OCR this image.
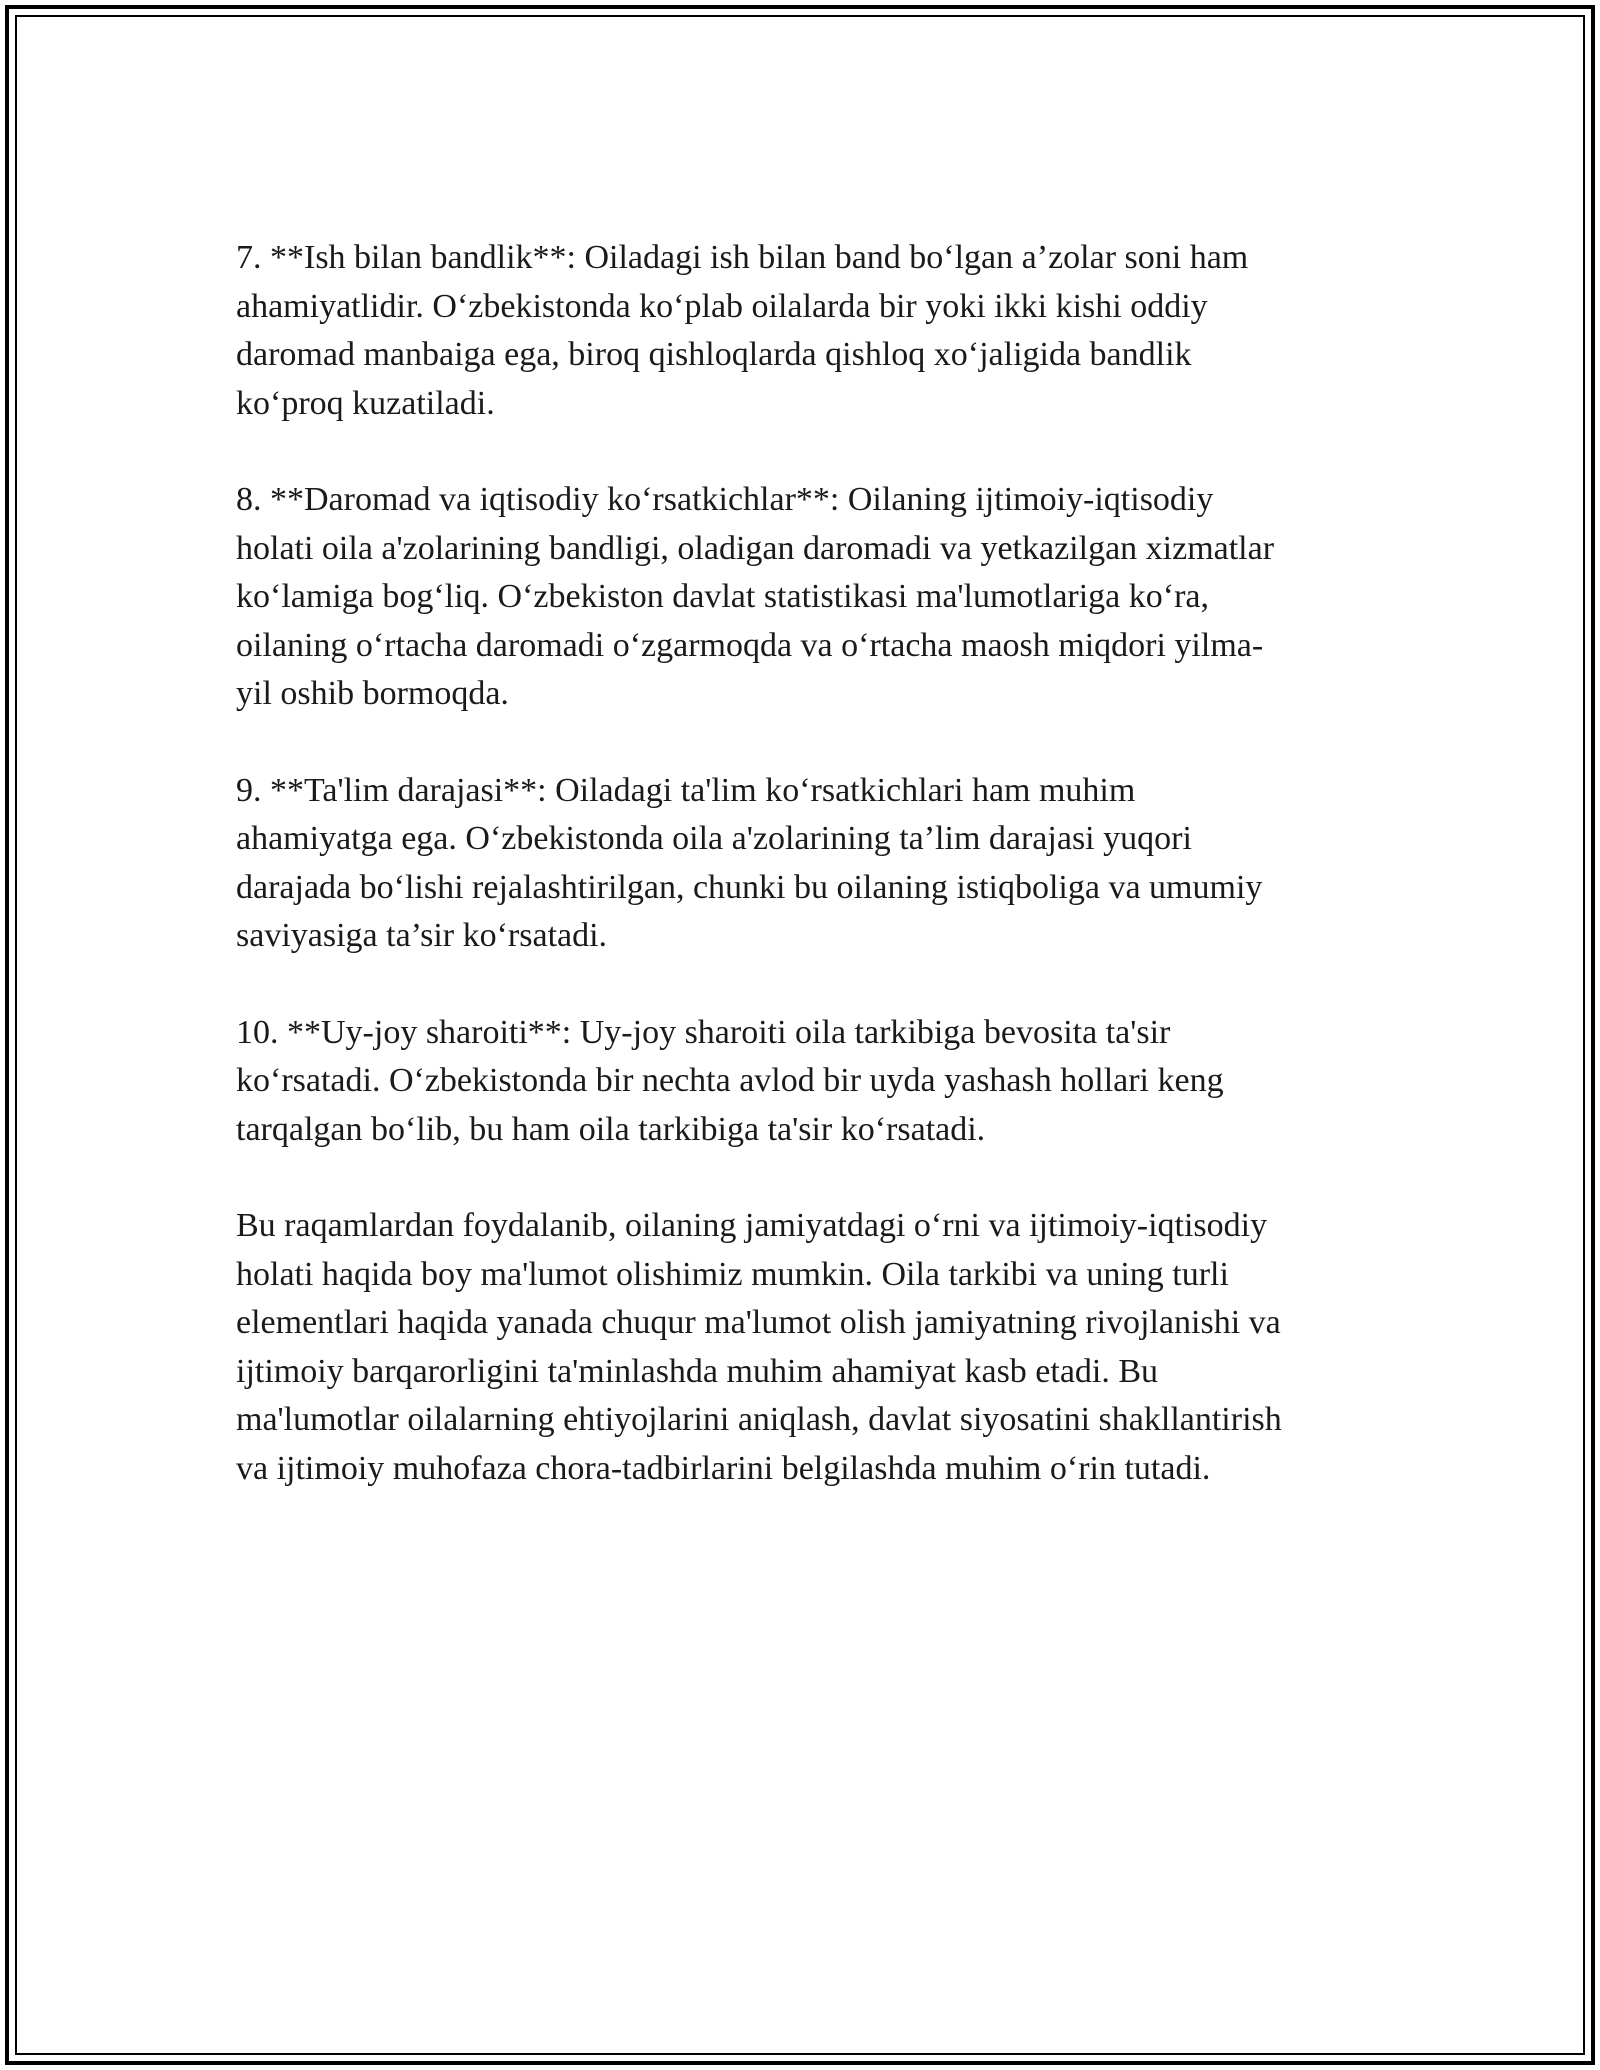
7. **Ish bilan bandlik**: Oiladagi ish bilan band bo‘lgan a’zolar soni ham
ahamiyatlidir. O‘zbekistonda ko‘plab oilalarda bir yoki ikki kishi oddiy
daromad manbaiga ega, biroq qishloqlarda qishloq xo‘jaligida bandlik
ko‘proq kuzatiladi.

8. **Daromad va iqtisodiy ko‘rsatkichlar**: Oilaning ijtimoiy-iqtisodiy
holati oila a'zolarining bandligi, oladigan daromadi va yetkazilgan xizmatlar
ko‘lamiga bog‘liq. O‘zbekiston davlat statistikasi ma'lumotlariga ko‘ra,
oilaning o‘rtacha daromadi o‘zgarmoqda va o‘rtacha maosh miqdori yilma-
yil oshib bormoqda.

9. **Ta'lim darajasi**: Oiladagi ta'lim ko‘rsatkichlari ham muhim
ahamiyatga ega. O‘zbekistonda oila a'zolarining ta’lim darajasi yuqori
darajada bo‘lishi rejalashtirilgan, chunki bu oilaning istiqboliga va umumiy
saviyasiga ta’sir ko‘rsatadi.

10. **Uy-joy sharoiti**: Uy-joy sharoiti oila tarkibiga bevosita ta'sir
ko‘rsatadi. O‘zbekistonda bir nechta avlod bir uyda yashash hollari keng
tarqalgan bo‘lib, bu ham oila tarkibiga ta'sir ko‘rsatadi.

Bu raqamlardan foydalanib, oilaning jamiyatdagi o‘rni va ijtimoiy-iqtisodiy
holati haqida boy ma'lumot olishimiz mumkin. Oila tarkibi va uning turli
elementlari haqida yanada chuqur ma'lumot olish jamiyatning rivojlanishi va
ijtimoiy barqarorligini ta'minlashda muhim ahamiyat kasb etadi. Bu
ma'lumotlar oilalarning ehtiyojlarini aniqlash, davlat siyosatini shakllantirish
va ijtimoiy muhofaza chora-tadbirlarini belgilashda muhim o‘rin tutadi.
